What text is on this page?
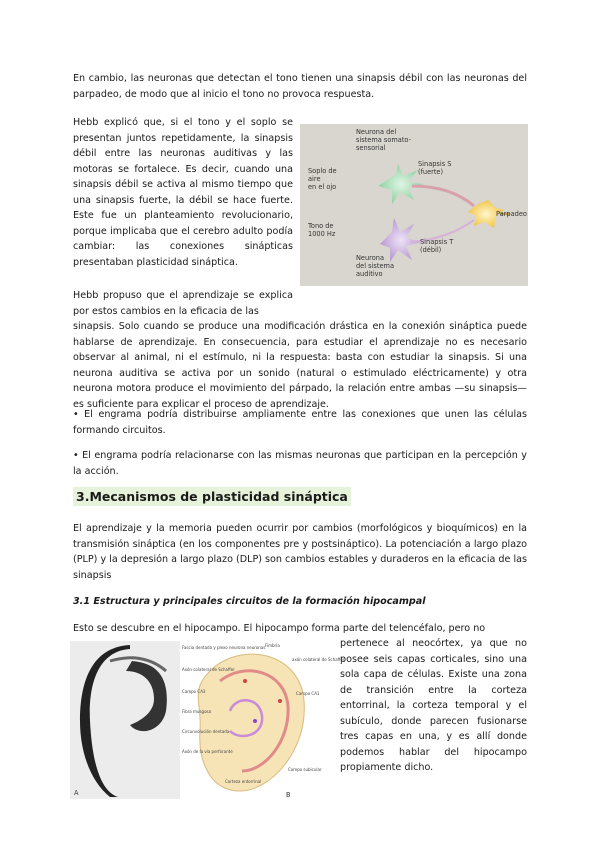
En cambio, las neuronas que detectan el tono tienen una sinapsis débil con las neuronas del parpadeo, de modo que al inicio el tono no provoca respuesta.

Hebb explicó que, si el tono y el soplo se presentan juntos repetidamente, la sinapsis débil entre las neuronas auditivas y las motoras se fortalece. Es decir, cuando una sinapsis débil se activa al mismo tiempo que una sinapsis fuerte, la débil se hace fuerte. Este fue un planteamiento revolucionario, porque implicaba que el cerebro adulto podía cambiar: las conexiones sinápticas presentaban plasticidad sináptica.

Neurona del sistema somato-sensorial
Soplo de aire en el ojo
Sinapsis S (fuerte)
Parpadeo
Tono de 1000 Hz
Sinapsis T (débil)
Neurona del sistema auditivo

Hebb propuso que el aprendizaje se explica por estos cambios en la eficacia de las

sinapsis. Solo cuando se produce una modificación drástica en la conexión sináptica puede hablarse de aprendizaje. En consecuencia, para estudiar el aprendizaje no es necesario observar al animal, ni el estímulo, ni la respuesta: basta con estudiar la sinapsis. Si una neurona auditiva se activa por un sonido (natural o estimulado eléctricamente) y otra neurona motora produce el movimiento del párpado, la relación entre ambas —su sinapsis— es suficiente para explicar el proceso de aprendizaje.

• El engrama podría distribuirse ampliamente entre las conexiones que unen las células formando circuitos.

• El engrama podría relacionarse con las mismas neuronas que participan en la percepción y la acción.

3.Mecanismos de plasticidad sináptica

El aprendizaje y la memoria pueden ocurrir por cambios (morfológicos y bioquímicos) en la transmisión sináptica (en los componentes pre y postsináptico). La potenciación a largo plazo (PLP) y la depresión a largo plazo (DLP) son cambios estables y duraderos en la eficacia de las sinapsis

3.1 Estructura y principales circuitos de la formación hipocampal

Esto se descubre en el hipocampo. El hipocampo forma parte del telencéfalo, pero no

pertenece al neocórtex, ya que no posee seis capas corticales, sino una sola capa de células. Existe una zona de transición entre la corteza entorrinal, la corteza temporal y el subículo, donde parecen fusionarse tres capas en una, y es allí donde podemos hablar del hipocampo propiamente dicho.

A
Fascia dentada y plexo neurona neuronas
Axón colateral de Schaffer
Campo CA3
Fibra musgosa
Circunvolución dentada
Axón de la vía perforante
Corteza entorrinal
Fimbria
axón colateral de Schaffer
Campo CA1
Campo subicular
B
